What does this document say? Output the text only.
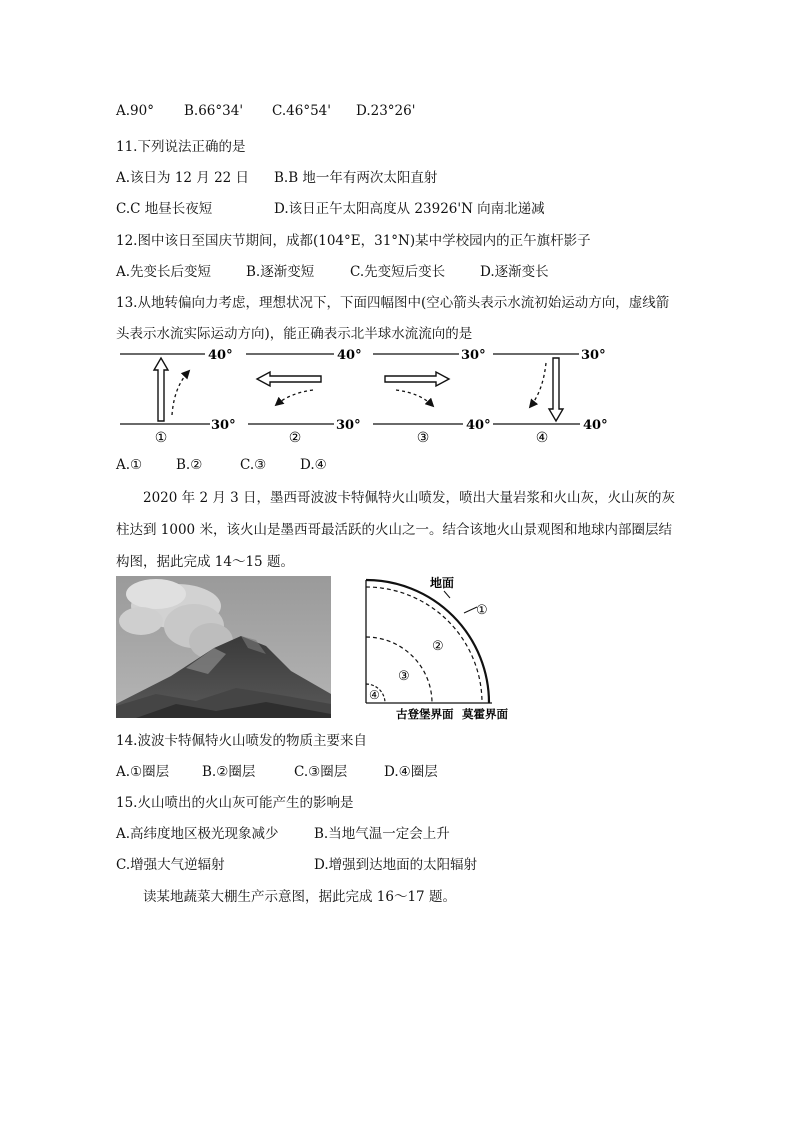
A.90° B.66°34' C.46°54' D.23°26'
11.下列说法正确的是
A.该日为 12 月 22 日 B.B 地一年有两次太阳直射
C.C 地昼长夜短	D.该日正午太阳高度从 23926'N 向南北递减
12.图中该日至国庆节期间，成都(104°E，31°N)某中学校园内的正午旗杆影子
A.先变长后变短	B.逐渐变短	C.先变短后变长	D.逐渐变长
13.从地转偏向力考虑，理想状况下，下面四幅图中(空心箭头表示水流初始运动方向，虚线箭
头表示水流实际运动方向)，能正确表示北半球水流流向的是
40°
30°
①
40°
30°
②
30°
40°
③
30°
40°
④
A.①	B.②	C.③	D.④
2020 年 2 月 3 日，墨西哥波波卡特佩特火山喷发，喷出大量岩浆和火山灰，火山灰的灰柱达到 1000 米，该火山是墨西哥最活跃的火山之一。结合该地火山景观图和地球内部圈层结构图，据此完成 14～15 题。
地面
①
②
③
④
古登堡界面 莫霍界面
14.波波卡特佩特火山喷发的物质主要来自
A.①圈层 B.②圈层	C.③圈层	D.④圈层
15.火山喷出的火山灰可能产生的影响是
A.高纬度地区极光现象减少	B.当地气温一定会上升
C.增强大气逆辐射	D.增强到达地面的太阳辐射
读某地蔬菜大棚生产示意图，据此完成 16～17 题。
